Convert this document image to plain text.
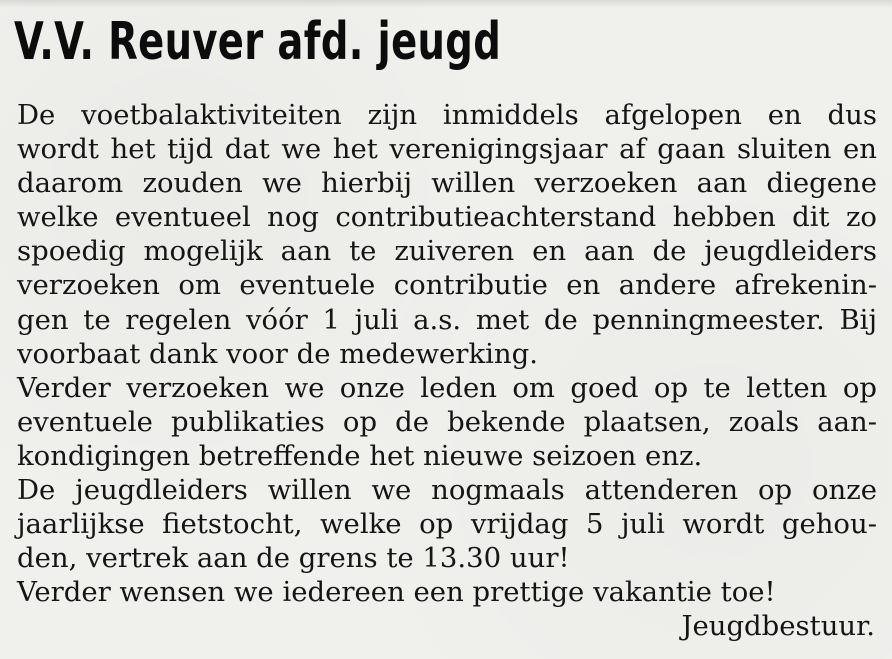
V.V. Reuver afd. jeugd
De voetbalaktiviteiten zijn inmiddels afgelopen en dus
wordt het tijd dat we het verenigingsjaar af gaan sluiten en
daarom zouden we hierbij willen verzoeken aan diegene
welke eventueel nog contributieachterstand hebben dit zo
spoedig mogelijk aan te zuiveren en aan de jeugdleiders
verzoeken om eventuele contributie en andere afrekenin-
gen te regelen vóór 1 juli a.s. met de penningmeester. Bij
voorbaat dank voor de medewerking.
Verder verzoeken we onze leden om goed op te letten op
eventuele publikaties op de bekende plaatsen, zoals aan-
kondigingen betreffende het nieuwe seizoen enz.
De jeugdleiders willen we nogmaals attenderen op onze
jaarlijkse fietstocht, welke op vrijdag 5 juli wordt gehou-
den, vertrek aan de grens te 13.30 uur!
Verder wensen we iedereen een prettige vakantie toe!
Jeugdbestuur.
